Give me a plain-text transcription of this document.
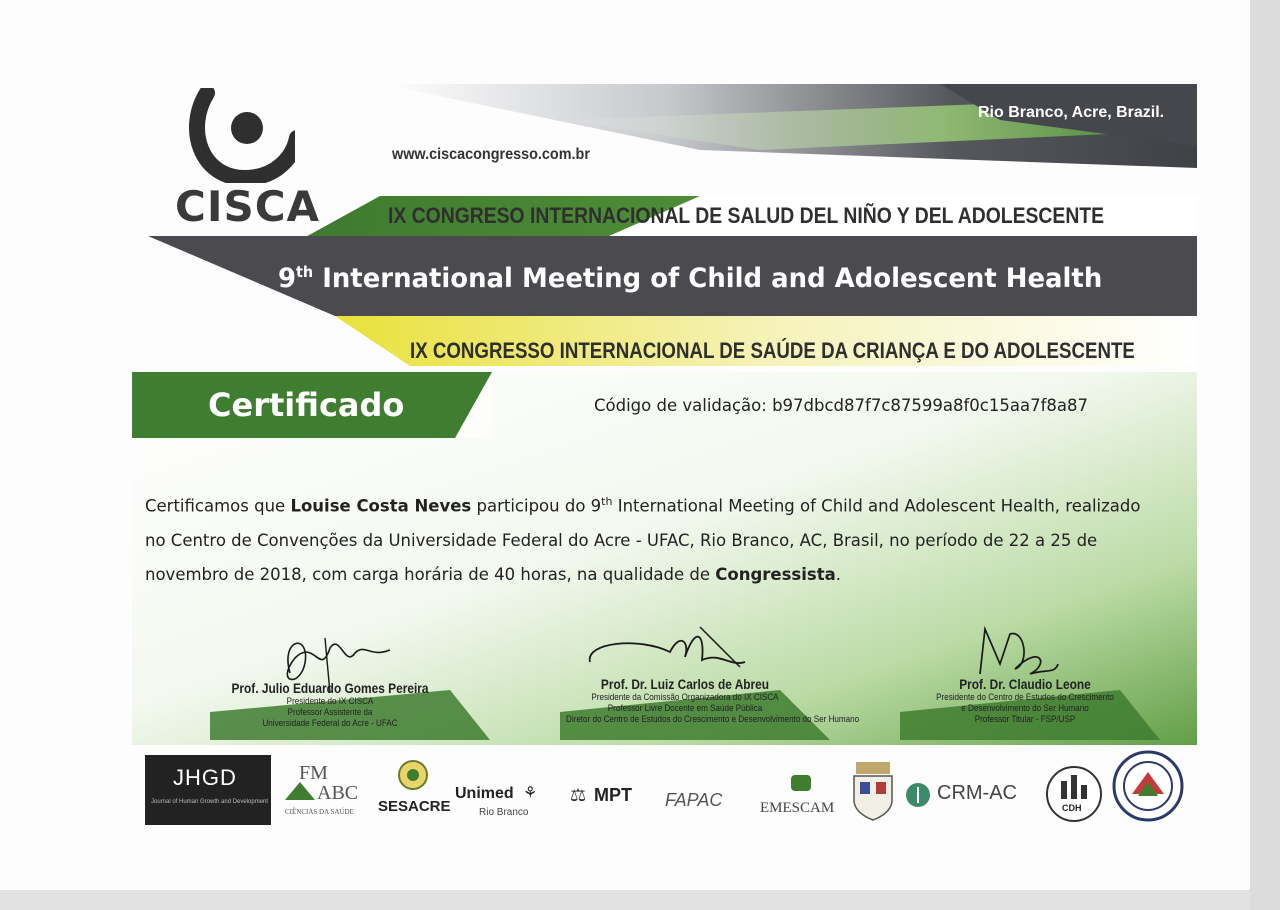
CISCA
www.ciscacongresso.com.br
Rio Branco, Acre, Brazil.
IX CONGRESO INTERNACIONAL DE SALUD DEL NIÑO Y DEL ADOLESCENTE
9th International Meeting of Child and Adolescent Health
IX CONGRESSO INTERNACIONAL DE SAÚDE DA CRIANÇA E DO ADOLESCENTE
Certificado	Código de validação: b97dbcd87f7c87599a8f0c15aa7f8a87
Certificamos que Louise Costa Neves participou do 9th International Meeting of Child and Adolescent Health, realizado no Centro de Convenções da Universidade Federal do Acre - UFAC, Rio Branco, AC, Brasil, no período de 22 a 25 de novembro de 2018, com carga horária de 40 horas, na qualidade de Congressista.
Prof. Julio Eduardo Gomes Pereira
Presidente do IX CISCA
Professor Assistente da
Universidade Federal do Acre - UFAC
Prof. Dr. Luiz Carlos de Abreu
Presidente da Comissão Organizadora do IX CISCA
Professor Livre Docente em Saúde Pública
Diretor do Centro de Estudos do Crescimento e Desenvolvimento do Ser Humano
Prof. Dr. Claudio Leone
Presidente do Centro de Estudos do Crescimento
e Desenvolvimento do Ser Humano
Professor Titular - FSP/USP
JHGD
Journal of Human Growth and Development
FM
ABC
CIÊNCIAS DA SAÚDE SESACRE
Unimed ⚘
Rio Branco
⚖ MPT FAPAC	EMESCAM
CRM-AC
CDH
